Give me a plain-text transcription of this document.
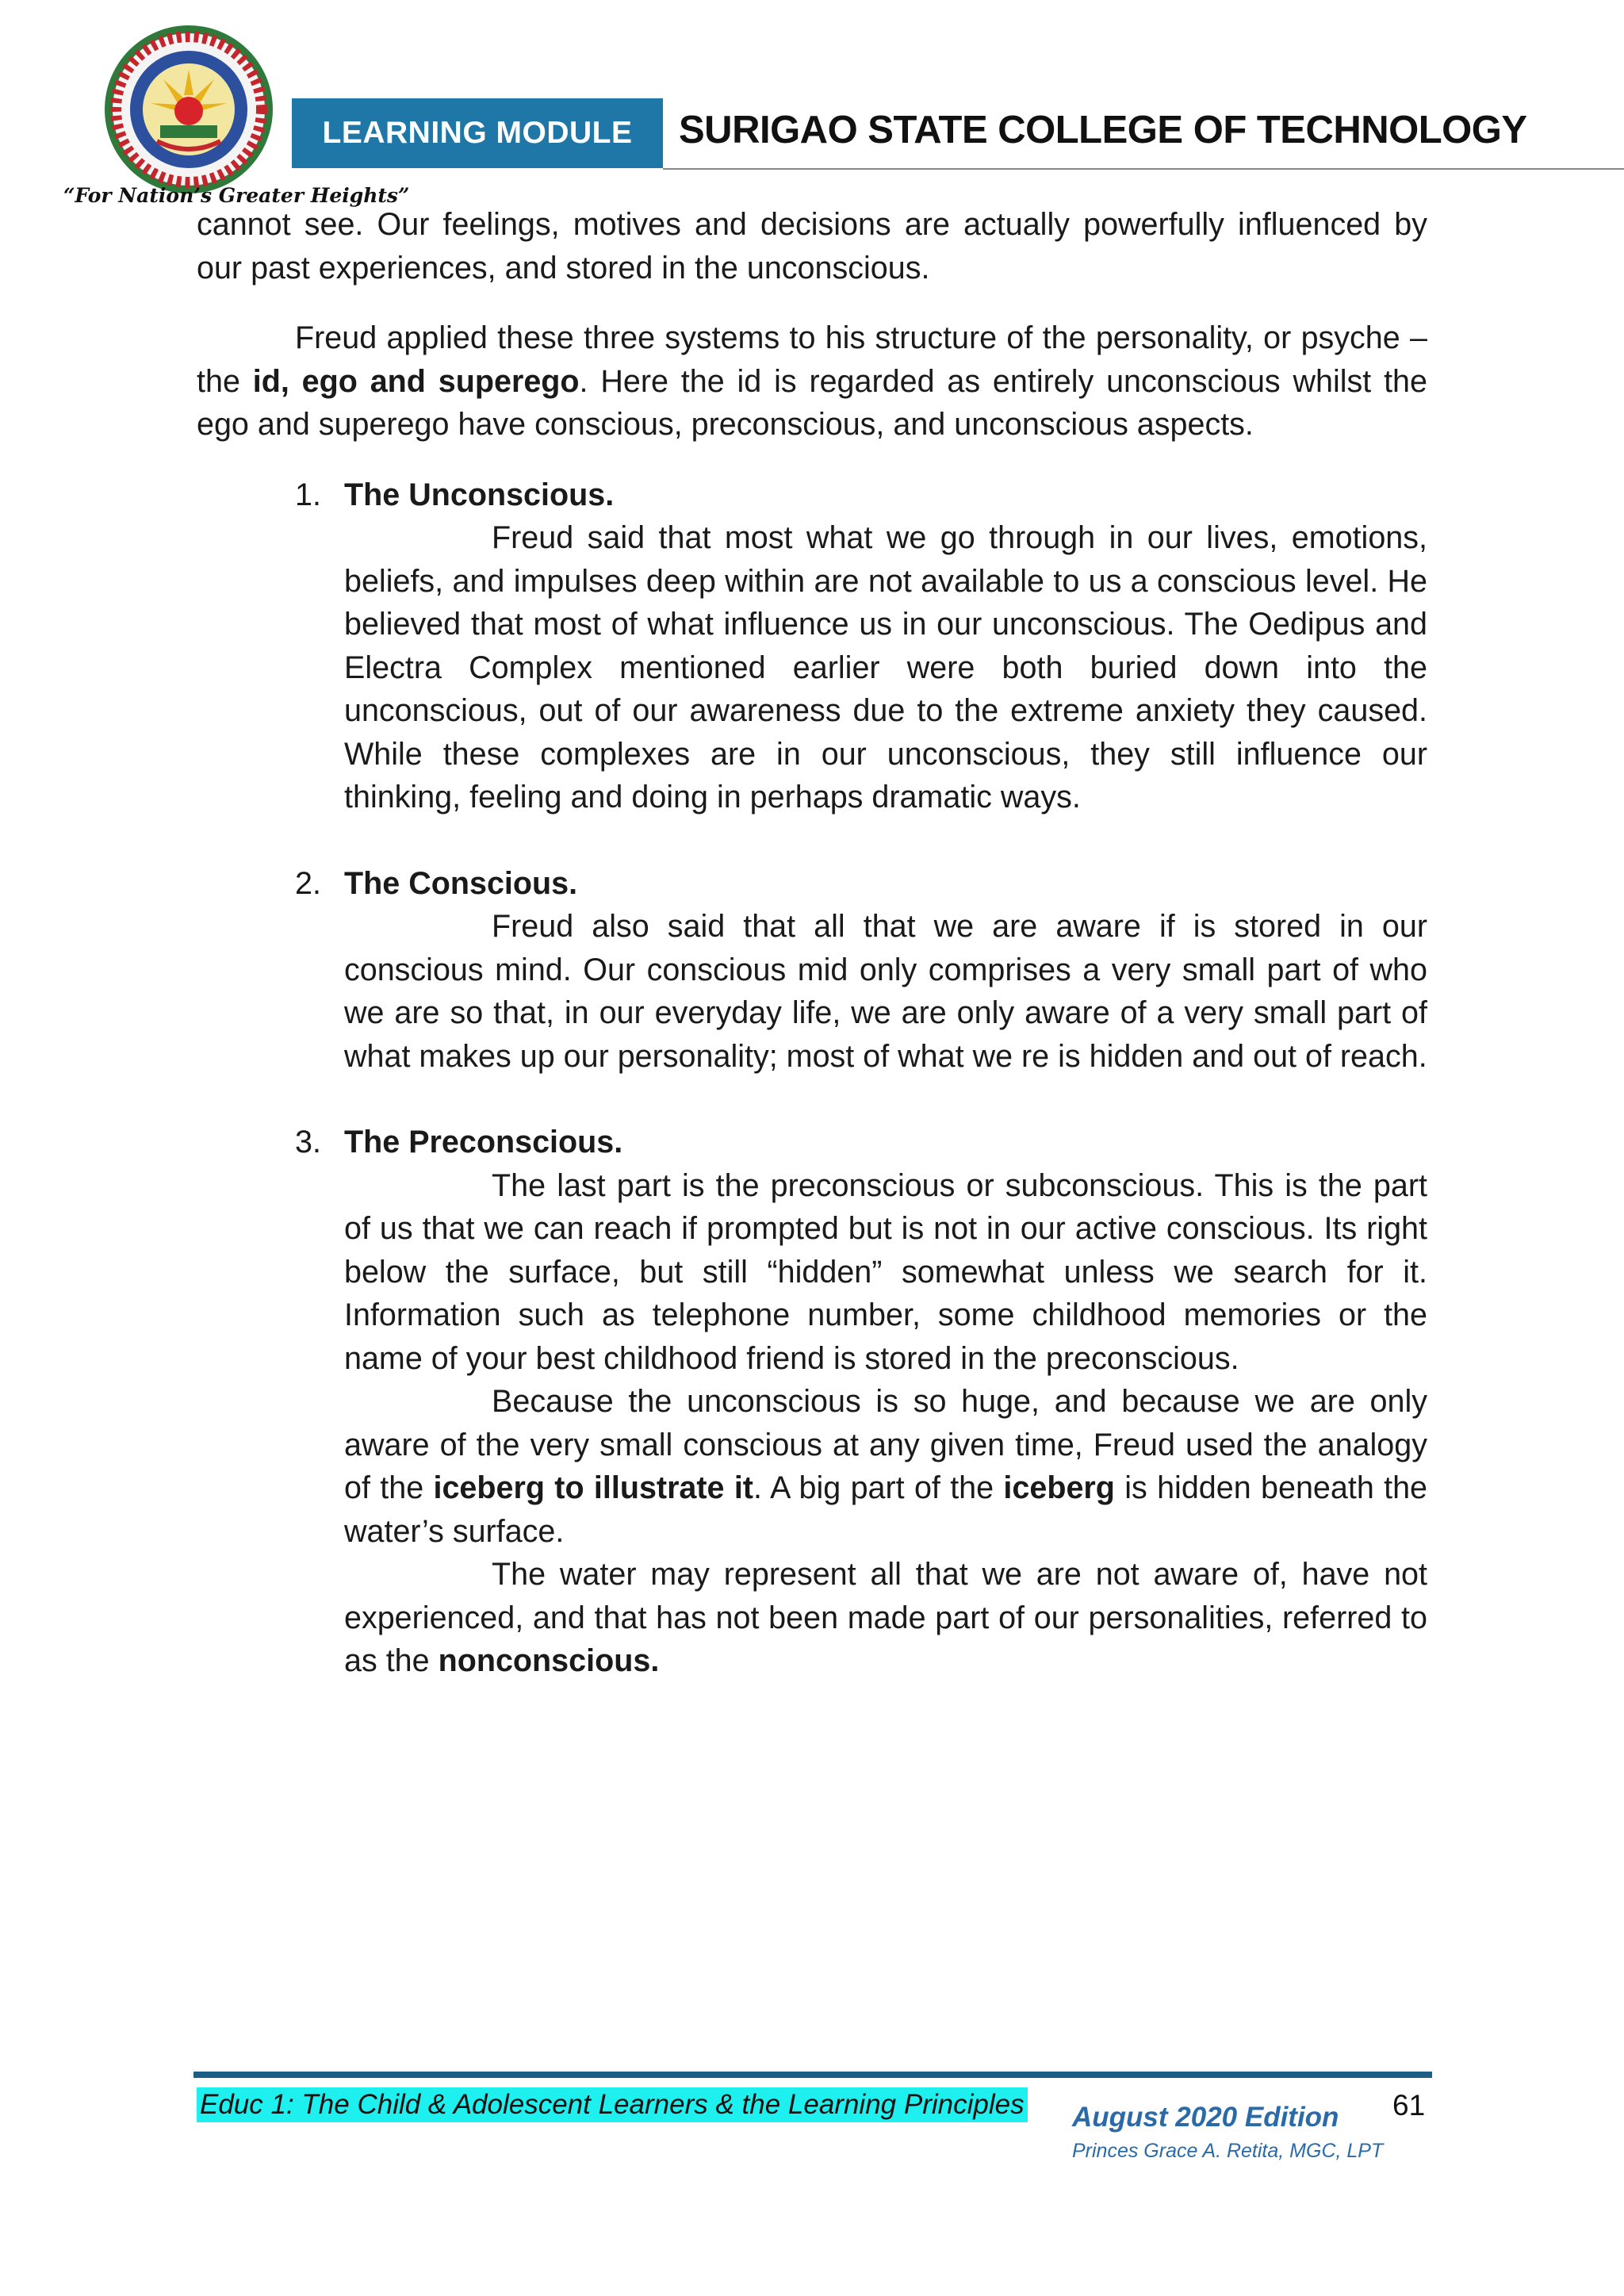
“For Nation’s Greater Heights”
LEARNING MODULE	SURIGAO STATE COLLEGE OF TECHNOLOGY

cannot see. Our feelings, motives and decisions are actually powerfully influenced by our past experiences, and stored in the unconscious.

Freud applied these three systems to his structure of the personality, or psyche – the id, ego and superego. Here the id is regarded as entirely unconscious whilst the ego and superego have conscious, preconscious, and unconscious aspects.

1. The Unconscious.

Freud said that most what we go through in our lives, emotions, beliefs, and impulses deep within are not available to us a conscious level. He believed that most of what influence us in our unconscious. The Oedipus and Electra Complex mentioned earlier were both buried down into the unconscious, out of our awareness due to the extreme anxiety they caused. While these complexes are in our unconscious, they still influence our thinking, feeling and doing in perhaps dramatic ways.

2. The Conscious.

Freud also said that all that we are aware if is stored in our conscious mind. Our conscious mid only comprises a very small part of who we are so that, in our everyday life, we are only aware of a very small part of what makes up our personality; most of what we re is hidden and out of reach.

3. The Preconscious.

The last part is the preconscious or subconscious. This is the part of us that we can reach if prompted but is not in our active conscious. Its right below the surface, but still “hidden” somewhat unless we search for it. Information such as telephone number, some childhood memories or the name of your best childhood friend is stored in the preconscious.

Because the unconscious is so huge, and because we are only aware of the very small conscious at any given time, Freud used the analogy of the iceberg to illustrate it. A big part of the iceberg is hidden beneath the water’s surface.

The water may represent all that we are not aware of, have not experienced, and that has not been made part of our personalities, referred to as the nonconscious.

Educ 1: The Child & Adolescent Learners & the Learning Principles	61
August 2020 Edition
Princes Grace A. Retita, MGC, LPT
